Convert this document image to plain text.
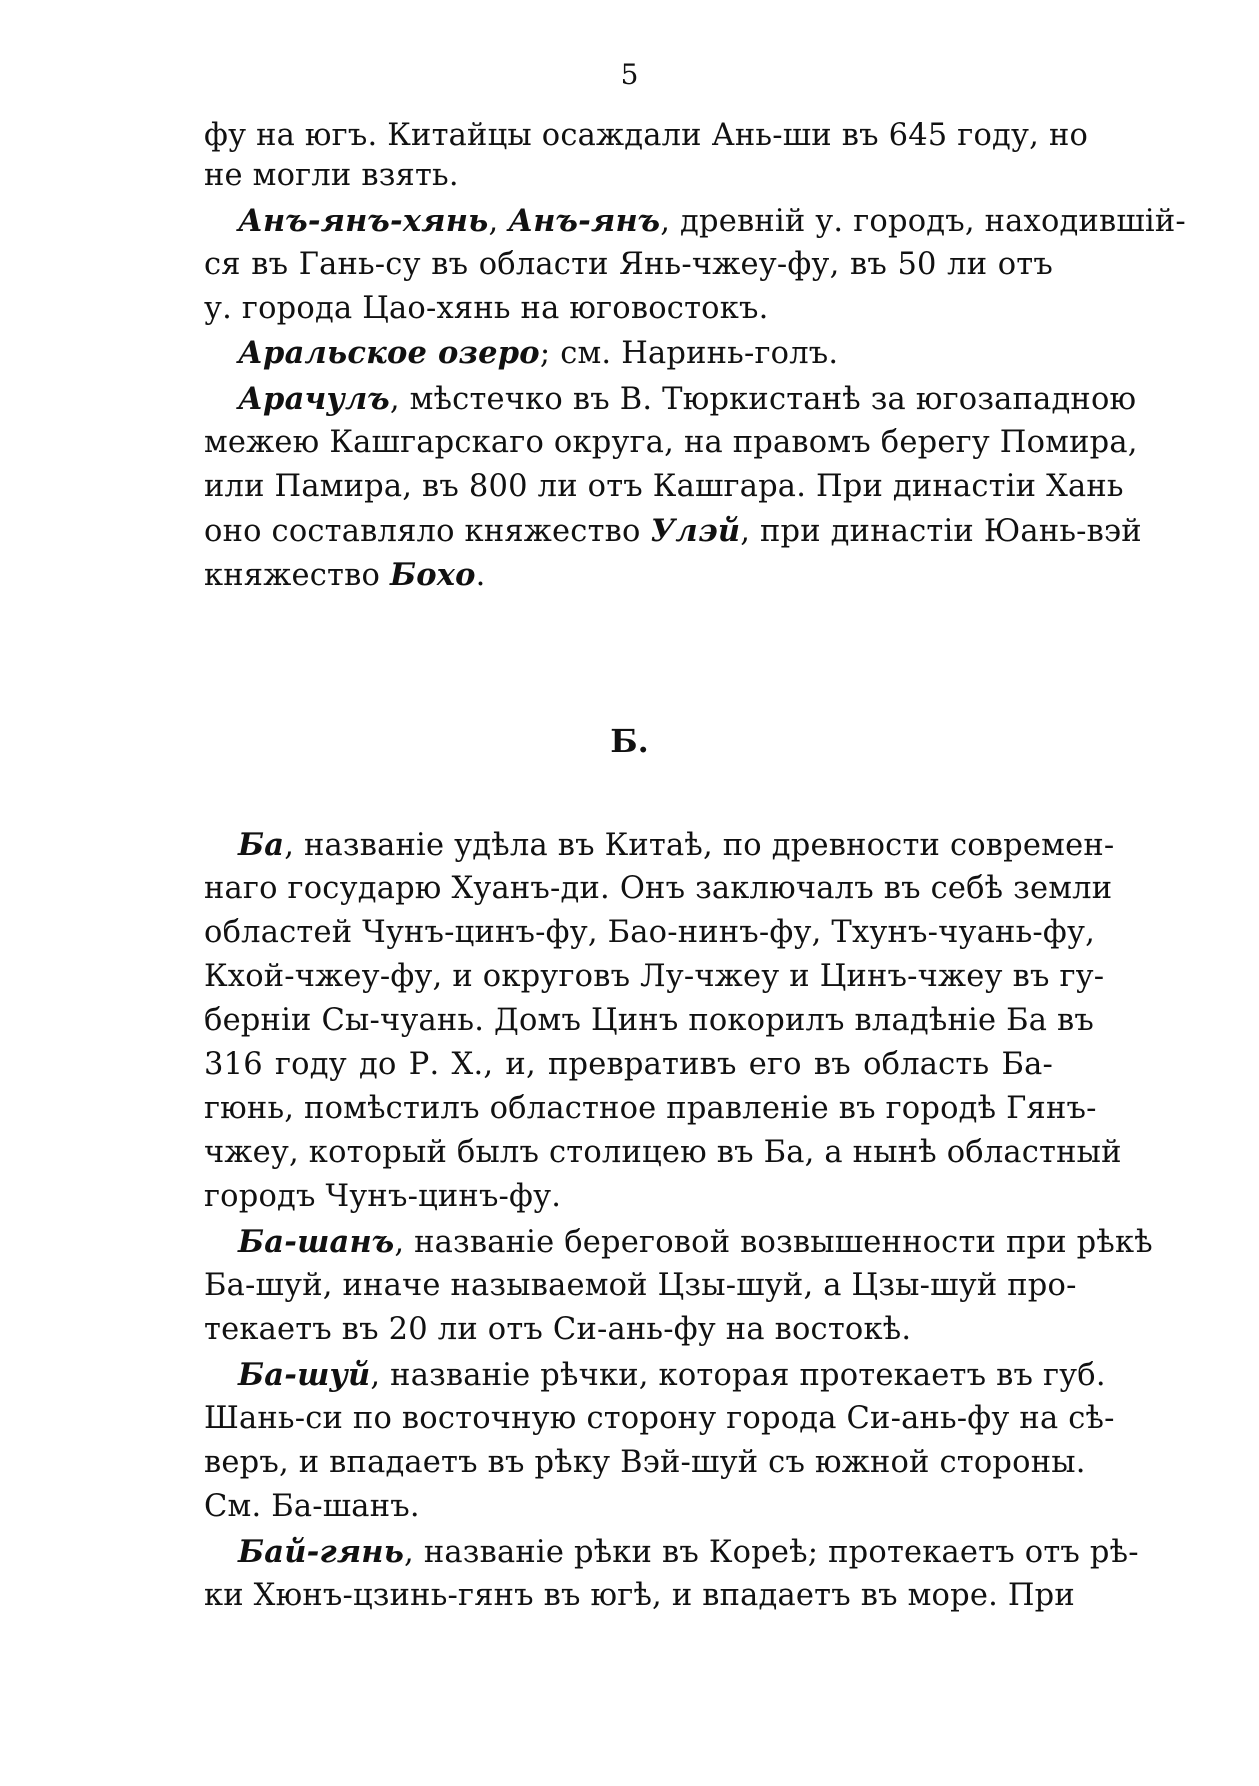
5
фу на югъ. Китайцы осаждали Ань-ши въ 645 году, но
не могли взять.
Анъ-янъ-хянь, Анъ-янъ, древній у. городъ, находившій-
ся въ Гань-су въ области Янь-чжеу-фу, въ 50 ли отъ
у. города Цао-хянь на юговостокъ.
Аральское озеро; см. Наринь-голъ.
Арачулъ, мѣстечко въ В. Тюркистанѣ за югозападною
межею Кашгарскаго округа, на правомъ берегу Помира,
или Памира, въ 800 ли отъ Кашгара. При династіи Хань
оно составляло княжество Улэй, при династіи Юань-вэй
княжество Бохо.
Б.
Ба, названіе удѣла въ Китаѣ, по древности современ-
наго государю Хуанъ-ди. Онъ заключалъ въ себѣ земли
областей Чунъ-цинъ-фу, Бао-нинъ-фу, Тхунъ-чуань-фу,
Кхой-чжеу-фу, и округовъ Лу-чжеу и Цинъ-чжеу въ гу-
берніи Сы-чуань. Домъ Цинъ покорилъ владѣніе Ба въ
316 году до Р. Х., и, превративъ его въ область Ба-
гюнь, помѣстилъ областное правленіе въ городѣ Гянъ-
чжеу, который былъ столицею въ Ба, а нынѣ областный
городъ Чунъ-цинъ-фу.
Ба-шанъ, названіе береговой возвышенности при рѣкѣ
Ба-шуй, иначе называемой Цзы-шуй, а Цзы-шуй про-
текаетъ въ 20 ли отъ Си-ань-фу на востокѣ.
Ба-шуй, названіе рѣчки, которая протекаетъ въ губ.
Шань-си по восточную сторону города Си-ань-фу на сѣ-
веръ, и впадаетъ въ рѣку Вэй-шуй съ южной стороны.
См. Ба-шанъ.
Бай-гянь, названіе рѣки въ Кореѣ; протекаетъ отъ рѣ-
ки Хюнъ-цзинь-гянъ въ югѣ, и впадаетъ въ море. При
